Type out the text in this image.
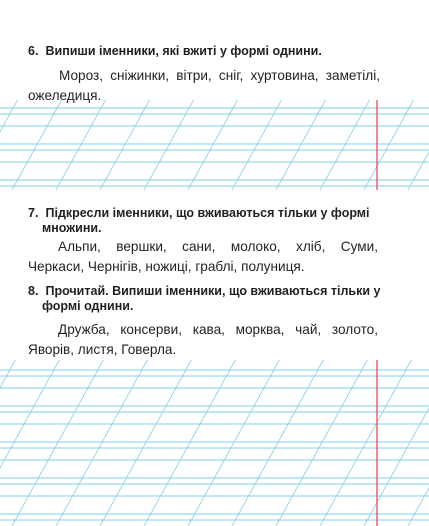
6. Випиши іменники, які вжиті у формі однини.

Мороз, сніжинки, вітри, сніг, хуртовина, заметілі, ожеледиця.

7. Підкресли іменники, що вживаються тільки у формі
множини.
Альпи, вершки, сани, молоко, хліб, Суми,
Черкаси, Чернігів, ножиці, граблі, полуниця.
8. Прочитай. Випиши іменники, що вживаються тільки у
формі однини.
Дружба, консерви, кава, морква, чай, золото,
Яворів, листя, Говерла.
